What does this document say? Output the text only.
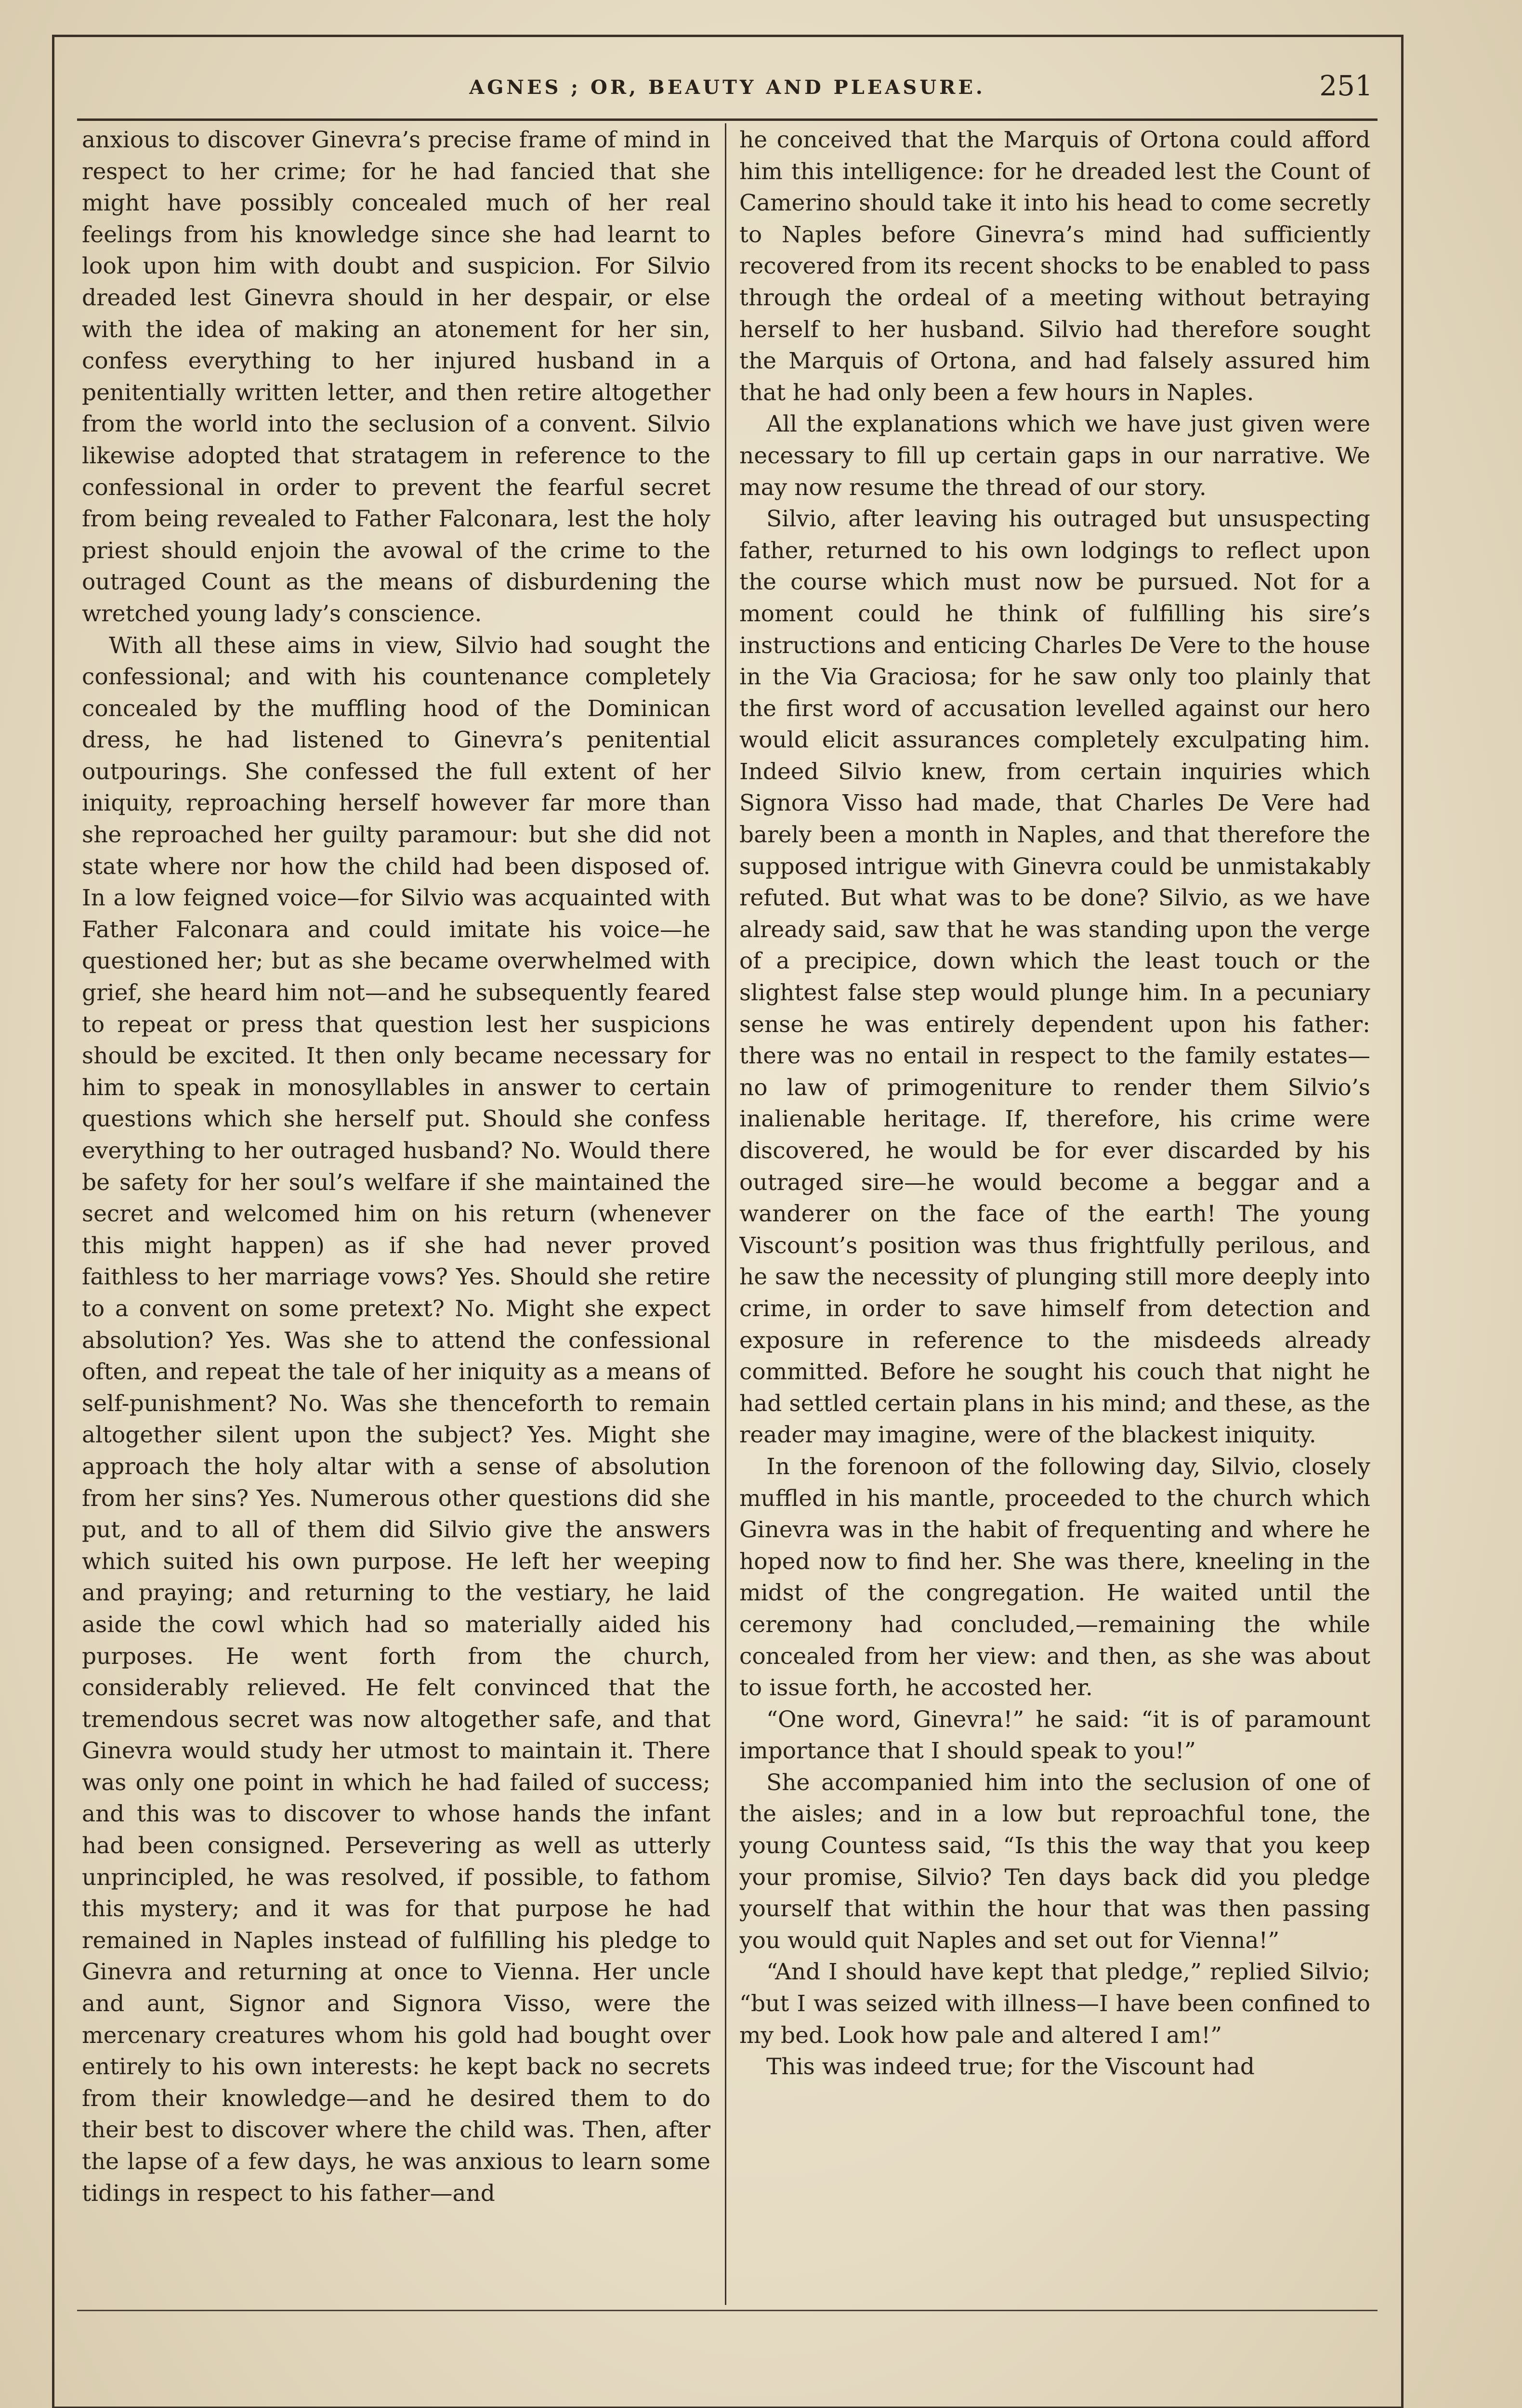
AGNES ; OR, BEAUTY AND PLEASURE.	251

anxious to discover Ginevra’s precise frame of mind in respect to her crime; for he had fancied that she might have possibly concealed much of her real feelings from his knowledge since she had learnt to look upon him with doubt and suspicion. For Silvio dreaded lest Ginevra should in her despair, or else with the idea of making an atonement for her sin, confess everything to her injured husband in a penitentially written letter, and then retire altogether from the world into the seclusion of a convent. Silvio likewise adopted that stratagem in reference to the confessional in order to prevent the fearful secret from being revealed to Father Falconara, lest the holy priest should enjoin the avowal of the crime to the outraged Count as the means of disburdening the wretched young lady’s conscience.

With all these aims in view, Silvio had sought the confessional; and with his countenance completely concealed by the muffling hood of the Dominican dress, he had listened to Ginevra’s penitential outpourings. She confessed the full extent of her iniquity, reproaching herself however far more than she reproached her guilty paramour: but she did not state where nor how the child had been disposed of. In a low feigned voice—for Silvio was acquainted with Father Falconara and could imitate his voice—he questioned her; but as she became overwhelmed with grief, she heard him not—and he subsequently feared to repeat or press that question lest her suspicions should be excited. It then only became necessary for him to speak in monosyllables in answer to certain questions which she herself put. Should she confess everything to her outraged husband? No. Would there be safety for her soul’s welfare if she maintained the secret and welcomed him on his return (whenever this might happen) as if she had never proved faithless to her marriage vows? Yes. Should she retire to a convent on some pretext? No. Might she expect absolution? Yes. Was she to attend the confessional often, and repeat the tale of her iniquity as a means of self-punishment? No. Was she thenceforth to remain altogether silent upon the subject? Yes. Might she approach the holy altar with a sense of absolution from her sins? Yes. Numerous other questions did she put, and to all of them did Silvio give the answers which suited his own purpose. He left her weeping and praying; and returning to the vestiary, he laid aside the cowl which had so materially aided his purposes. He went forth from the church, considerably relieved. He felt convinced that the tremendous secret was now altogether safe, and that Ginevra would study her utmost to maintain it. There was only one point in which he had failed of success; and this was to discover to whose hands the infant had been consigned. Persevering as well as utterly unprincipled, he was resolved, if possible, to fathom this mystery; and it was for that purpose he had remained in Naples instead of fulfilling his pledge to Ginevra and returning at once to Vienna. Her uncle and aunt, Signor and Signora Visso, were the mercenary creatures whom his gold had bought over entirely to his own interests: he kept back no secrets from their knowledge—and he desired them to do their best to discover where the child was. Then, after the lapse of a few days, he was anxious to learn some tidings in respect to his father—and

he conceived that the Marquis of Ortona could afford him this intelligence: for he dreaded lest the Count of Camerino should take it into his head to come secretly to Naples before Ginevra’s mind had sufficiently recovered from its recent shocks to be enabled to pass through the ordeal of a meeting without betraying herself to her husband. Silvio had therefore sought the Marquis of Ortona, and had falsely assured him that he had only been a few hours in Naples.

All the explanations which we have just given were necessary to fill up certain gaps in our narrative. We may now resume the thread of our story.

Silvio, after leaving his outraged but unsuspecting father, returned to his own lodgings to reflect upon the course which must now be pursued. Not for a moment could he think of fulfilling his sire’s instructions and enticing Charles De Vere to the house in the Via Graciosa; for he saw only too plainly that the first word of accusation levelled against our hero would elicit assurances completely exculpating him. Indeed Silvio knew, from certain inquiries which Signora Visso had made, that Charles De Vere had barely been a month in Naples, and that therefore the supposed intrigue with Ginevra could be unmistakably refuted. But what was to be done? Silvio, as we have already said, saw that he was standing upon the verge of a precipice, down which the least touch or the slightest false step would plunge him. In a pecuniary sense he was entirely dependent upon his father: there was no entail in respect to the family estates—no law of primogeniture to render them Silvio’s inalienable heritage. If, therefore, his crime were discovered, he would be for ever discarded by his outraged sire—he would become a beggar and a wanderer on the face of the earth! The young Viscount’s position was thus frightfully perilous, and he saw the necessity of plunging still more deeply into crime, in order to save himself from detection and exposure in reference to the misdeeds already committed. Before he sought his couch that night he had settled certain plans in his mind; and these, as the reader may imagine, were of the blackest iniquity.

In the forenoon of the following day, Silvio, closely muffled in his mantle, proceeded to the church which Ginevra was in the habit of frequenting and where he hoped now to find her. She was there, kneeling in the midst of the congregation. He waited until the ceremony had concluded,—remaining the while concealed from her view: and then, as she was about to issue forth, he accosted her.

“One word, Ginevra!” he said: “it is of paramount importance that I should speak to you!”

She accompanied him into the seclusion of one of the aisles; and in a low but reproachful tone, the young Countess said, “Is this the way that you keep your promise, Silvio? Ten days back did you pledge yourself that within the hour that was then passing you would quit Naples and set out for Vienna!”

“And I should have kept that pledge,” replied Silvio; “but I was seized with illness—I have been confined to my bed. Look how pale and altered I am!”

This was indeed true; for the Viscount had
